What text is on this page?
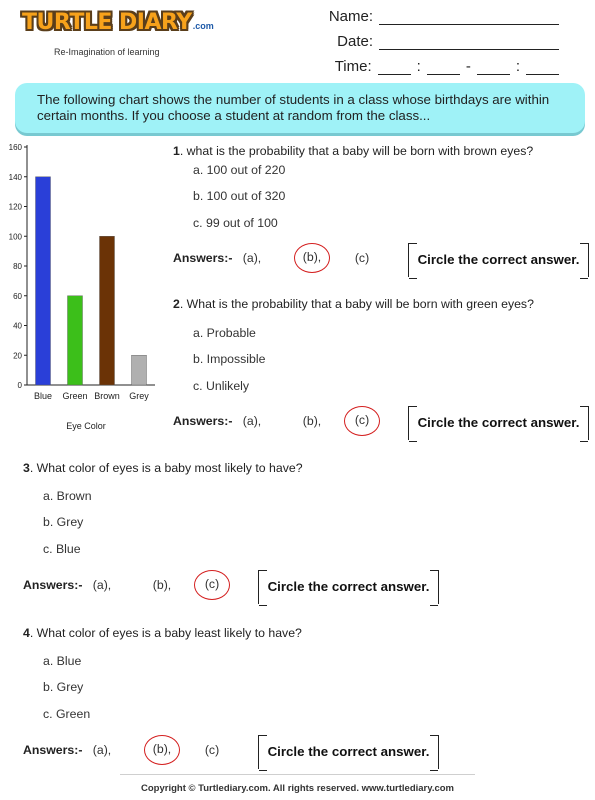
TURTLE DIARY.com
Re-Imagination of learning
Name:
Date:
Time:	:	-	:
The following chart shows the number of students in a class whose birthdays are within certain months. If you choose a student at random from the class...
0
20
40
60
80
100
120
140
160
Blue Green Brown Grey
Eye Color
1. what is the probability that a baby will be born with brown eyes?
a. 100 out of 220
b. 100 out of 320
c. 99 out of 100
Answers:- (a),	(b),	(c)	Circle the correct answer.
2. What is the probability that a baby will be born with green eyes?
a. Probable
b. Impossible
c. Unlikely
Answers:- (a),	(b),	(c)	Circle the correct answer.
3. What color of eyes is a baby most likely to have?
a. Brown
b. Grey
c. Blue
Answers:- (a),	(b),	(c)	Circle the correct answer.
4. What color of eyes is a baby least likely to have?
a. Blue
b. Grey
c. Green
Answers:- (a),	(b),	(c)	Circle the correct answer.
Copyright © Turtlediary.com. All rights reserved. www.turtlediary.com
